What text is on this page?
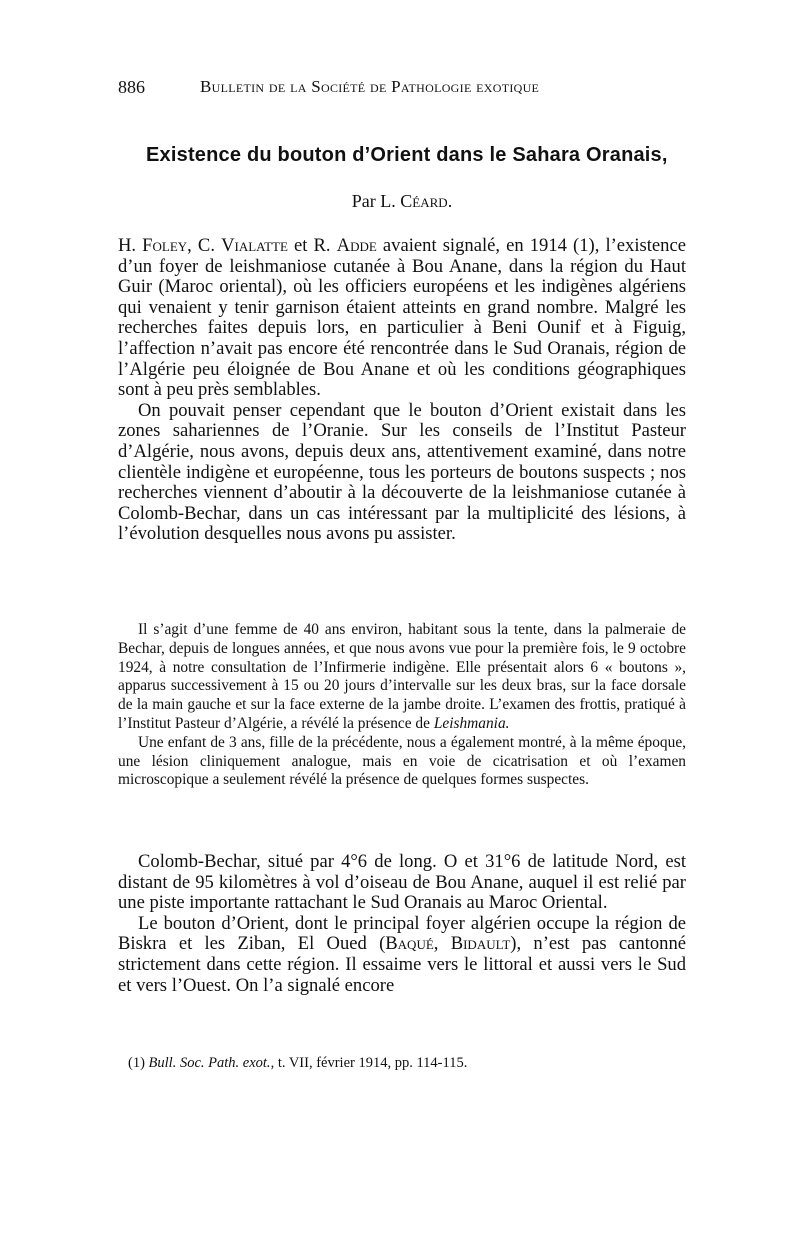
886	Bulletin de la Société de Pathologie exotique
Existence du bouton d’Orient dans le Sahara Oranais,
Par L. Céard.

H. Foley, C. Vialatte et R. Adde avaient signalé, en 1914 (1), l’existence d’un foyer de leishmaniose cutanée à Bou Anane, dans la région du Haut Guir (Maroc oriental), où les officiers européens et les indigènes algériens qui venaient y tenir garnison étaient atteints en grand nombre. Malgré les recherches faites depuis lors, en particulier à Beni Ounif et à Figuig, l’affection n’avait pas encore été rencontrée dans le Sud Oranais, région de l’Algérie peu éloignée de Bou Anane et où les conditions géographiques sont à peu près semblables.

On pouvait penser cependant que le bouton d’Orient existait dans les zones sahariennes de l’Oranie. Sur les conseils de l’Institut Pasteur d’Algérie, nous avons, depuis deux ans, attentivement examiné, dans notre clientèle indigène et européenne, tous les porteurs de boutons suspects ; nos recherches viennent d’aboutir à la découverte de la leishmaniose cutanée à Colomb-Bechar, dans un cas intéressant par la multiplicité des lésions, à l’évolution desquelles nous avons pu assister.

Il s’agit d’une femme de 40 ans environ, habitant sous la tente, dans la palmeraie de Bechar, depuis de longues années, et que nous avons vue pour la première fois, le 9 octobre 1924, à notre consultation de l’Infirmerie indigène. Elle présentait alors 6 « boutons », apparus successivement à 15 ou 20 jours d’intervalle sur les deux bras, sur la face dorsale de la main gauche et sur la face externe de la jambe droite. L’examen des frottis, pratiqué à l’Institut Pasteur d’Algérie, a révélé la présence de Leishmania.

Une enfant de 3 ans, fille de la précédente, nous a également montré, à la même époque, une lésion cliniquement analogue, mais en voie de cicatrisation et où l’examen microscopique a seulement révélé la présence de quelques formes suspectes.

Colomb-Bechar, situé par 4°6 de long. O et 31°6 de latitude Nord, est distant de 95 kilomètres à vol d’oiseau de Bou Anane, auquel il est relié par une piste importante rattachant le Sud Oranais au Maroc Oriental.

Le bouton d’Orient, dont le principal foyer algérien occupe la région de Biskra et les Ziban, El Oued (Baqué, Bidault), n’est pas cantonné strictement dans cette région. Il essaime vers le littoral et aussi vers le Sud et vers l’Ouest. On l’a signalé encore

(1) Bull. Soc. Path. exot., t. VII, février 1914, pp. 114-115.
